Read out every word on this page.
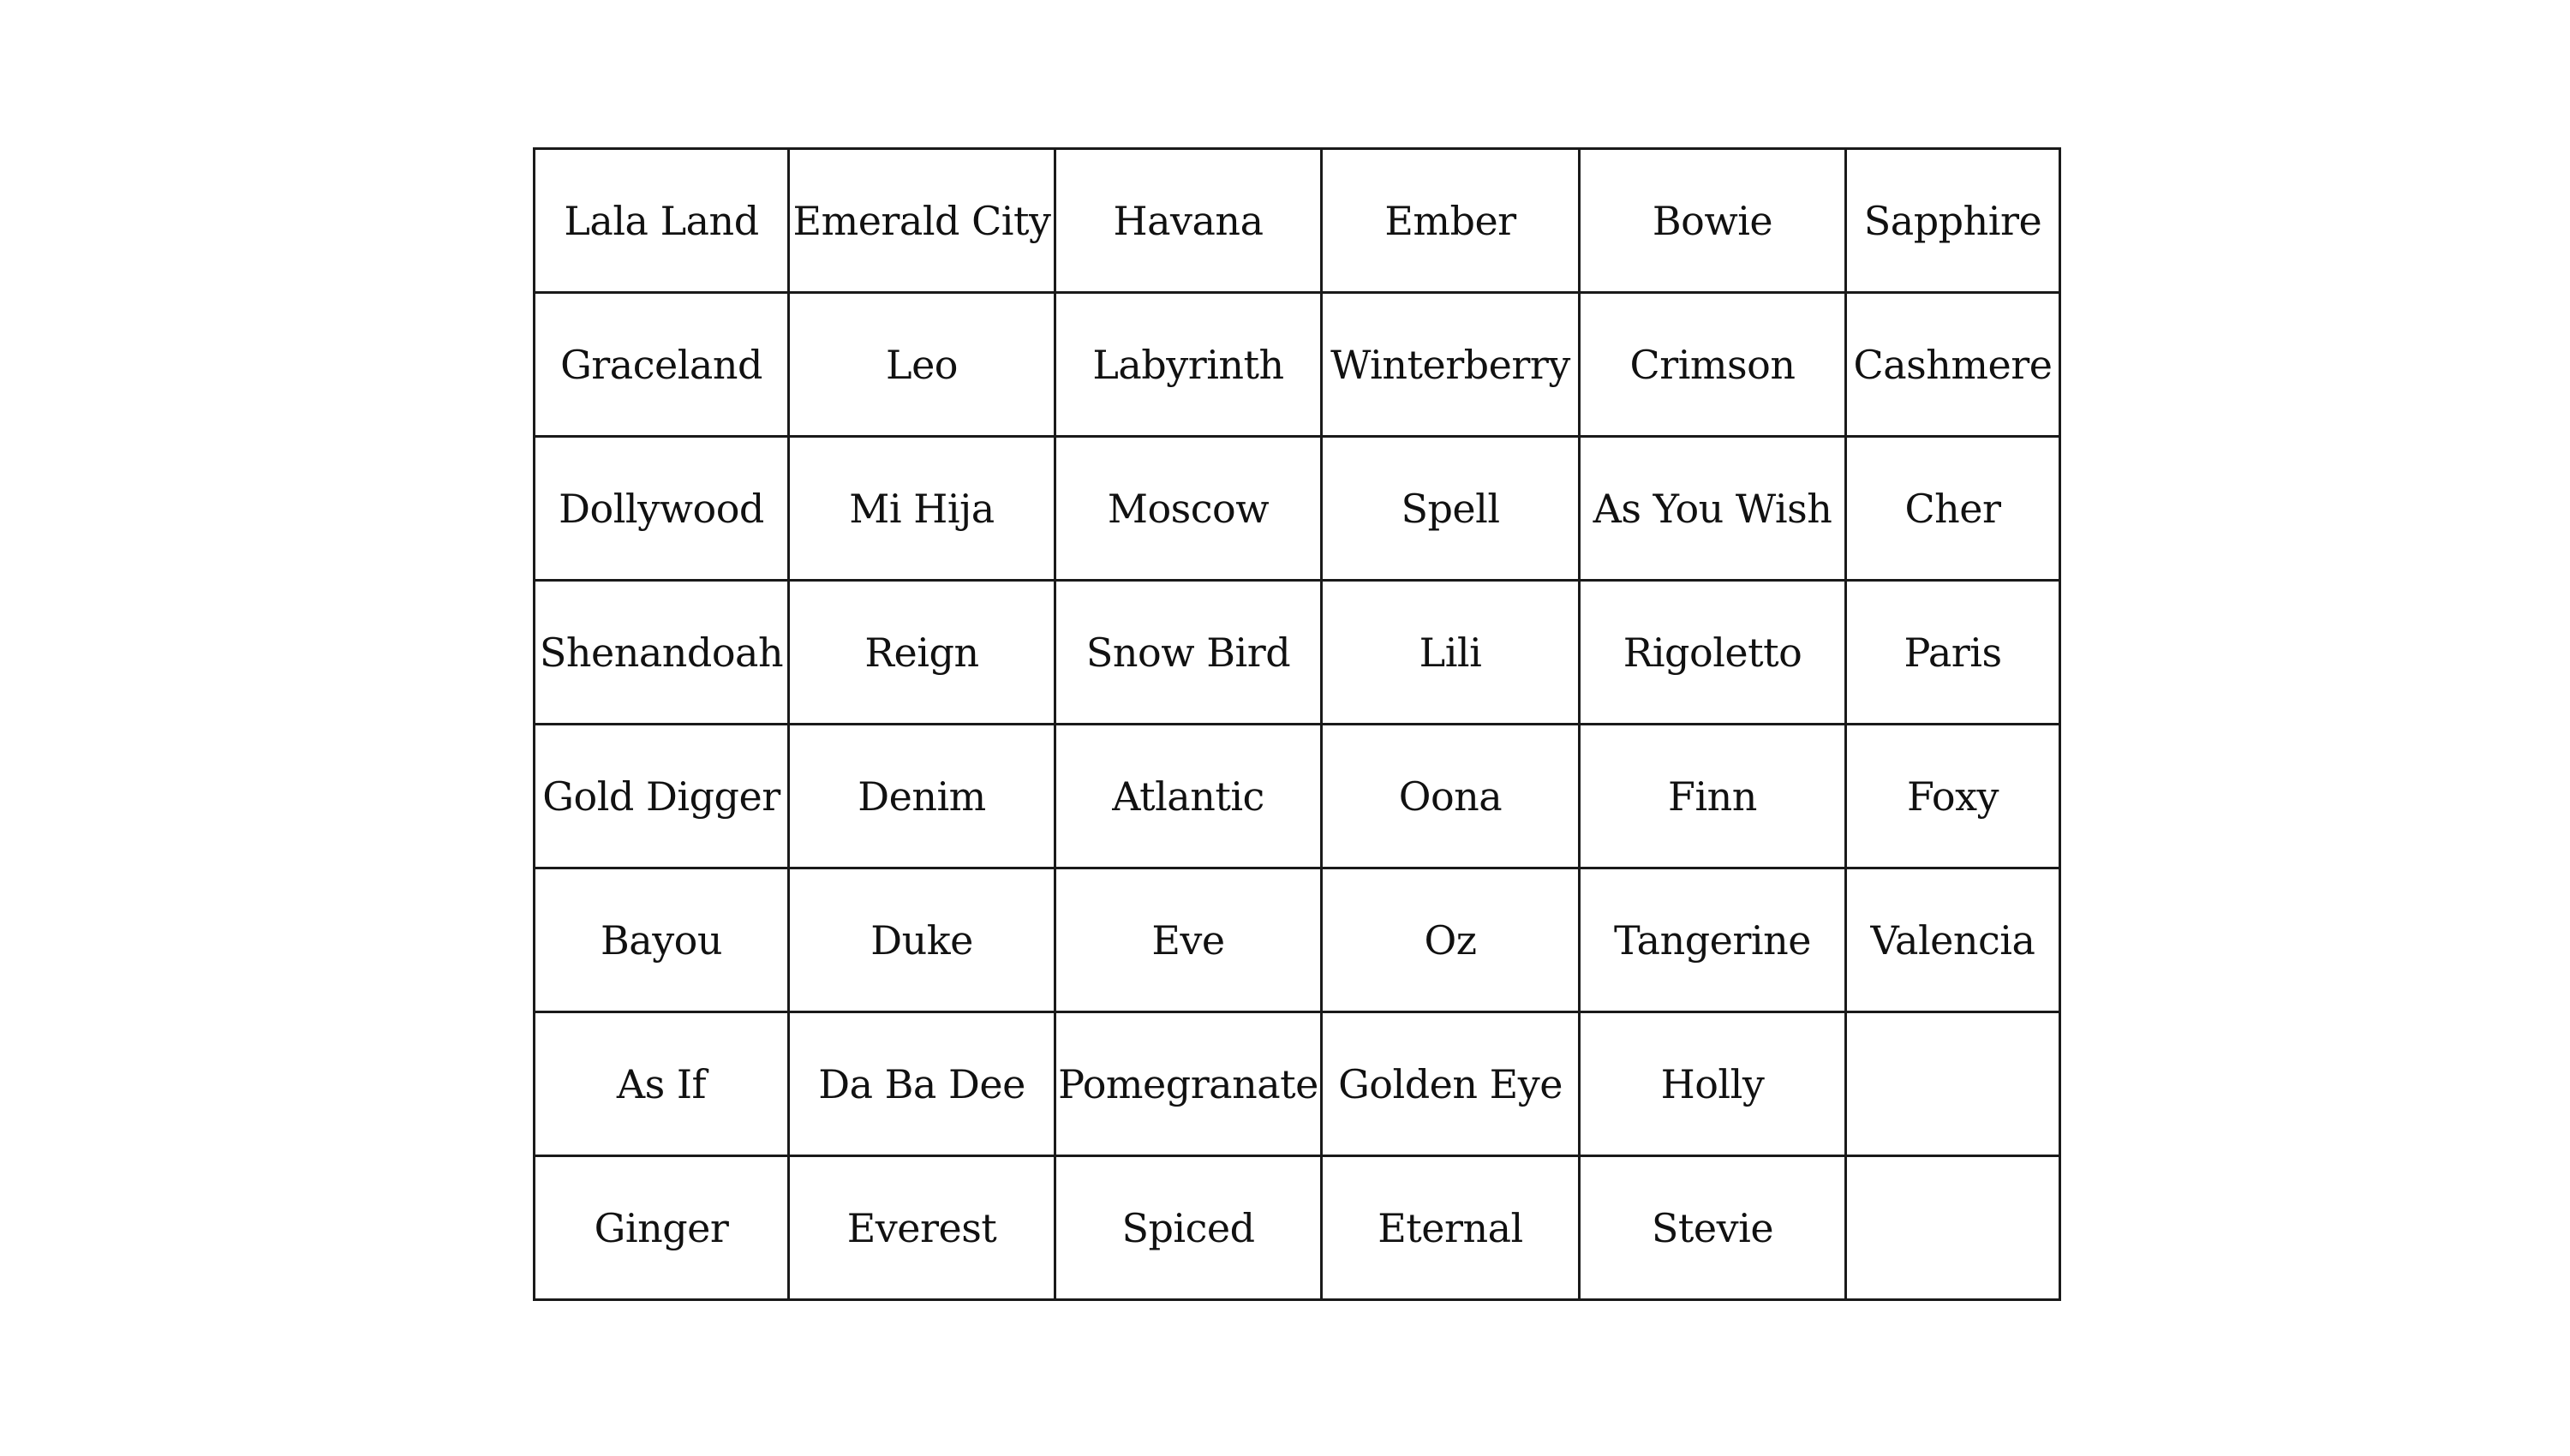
Lala Land	Emerald City	Havana	Ember	Bowie	Sapphire
Graceland	Leo	Labyrinth	Winterberry	Crimson	Cashmere
Dollywood	Mi Hija	Moscow	Spell	As You Wish	Cher
Shenandoah	Reign	Snow Bird	Lili	Rigoletto	Paris
Gold Digger	Denim	Atlantic	Oona	Finn	Foxy
Bayou	Duke	Eve	Oz	Tangerine	Valencia
As If	Da Ba Dee	Pomegranate	Golden Eye	Holly	
Ginger	Everest	Spiced	Eternal	Stevie	
